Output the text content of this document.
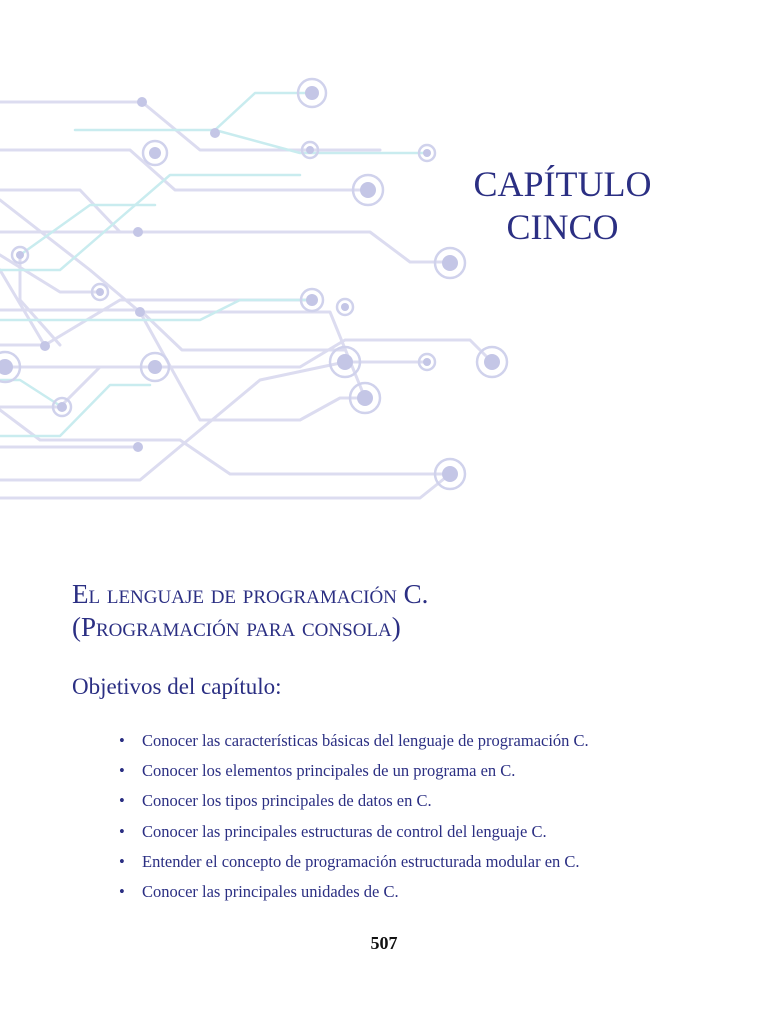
CAPÍTULO
CINCO
El lenguaje de programación C.
(Programación para consola)
Objetivos del capítulo:
• Conocer las características básicas del lenguaje de programación C.
• Conocer los elementos principales de un programa en C.
• Conocer los tipos principales de datos en C.
• Conocer las principales estructuras de control del lenguaje C.
• Entender el concepto de programación estructurada modular en C.
• Conocer las principales unidades de C.
507
